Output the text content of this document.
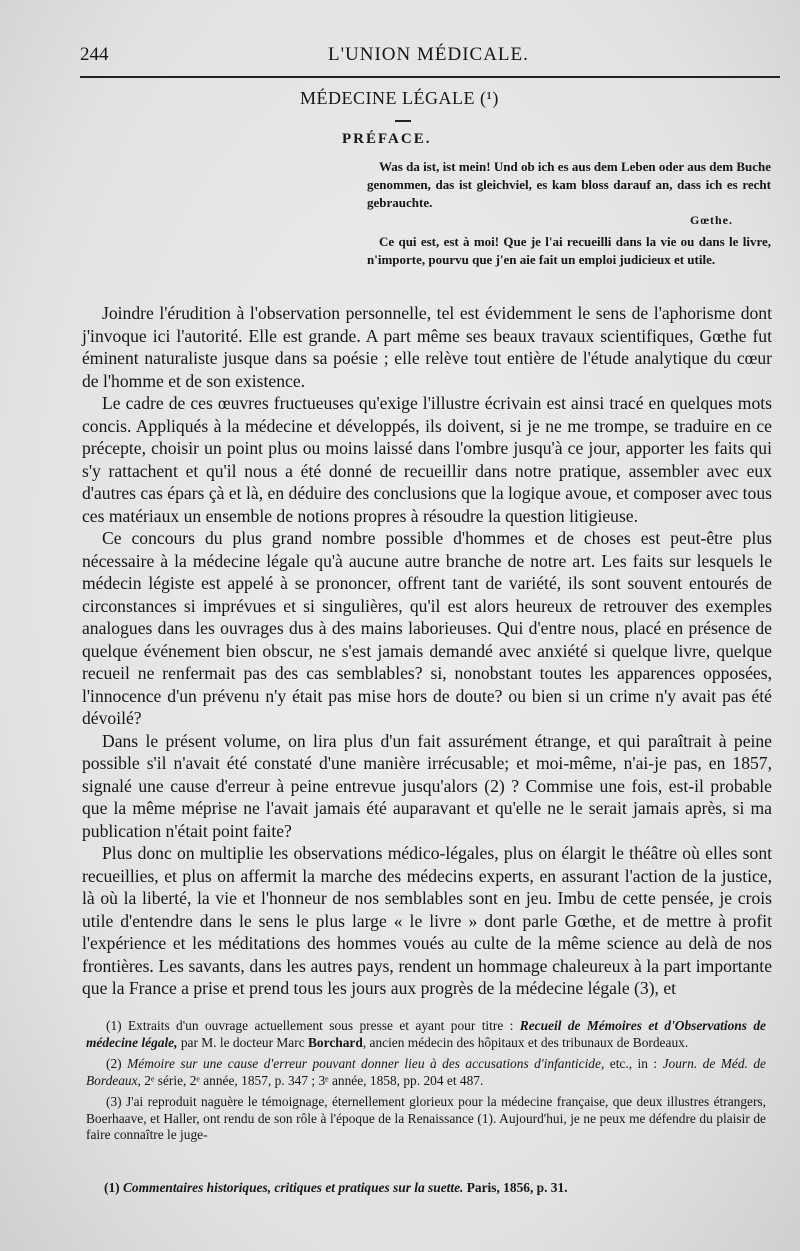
244	L'UNION MÉDICALE.
MÉDECINE LÉGALE (¹)
PRÉFACE.
Was da ist, ist mein! Und ob ich es aus dem Leben oder aus dem Buche genommen, das ist gleichviel, es kam bloss darauf an, dass ich es recht gebrauchte.
Gœthe.
Ce qui est, est à moi! Que je l'ai recueilli dans la vie ou dans le livre, n'importe, pourvu que j'en aie fait un emploi judicieux et utile.

Joindre l'érudition à l'observation personnelle, tel est évidemment le sens de l'aphorisme dont j'invoque ici l'autorité. Elle est grande. A part même ses beaux travaux scientifiques, Gœthe fut éminent naturaliste jusque dans sa poésie ; elle relève tout entière de l'étude analytique du cœur de l'homme et de son existence.

Le cadre de ces œuvres fructueuses qu'exige l'illustre écrivain est ainsi tracé en quelques mots concis. Appliqués à la médecine et développés, ils doivent, si je ne me trompe, se traduire en ce précepte, choisir un point plus ou moins laissé dans l'ombre jusqu'à ce jour, apporter les faits qui s'y rattachent et qu'il nous a été donné de recueillir dans notre pratique, assembler avec eux d'autres cas épars çà et là, en déduire des conclusions que la logique avoue, et composer avec tous ces matériaux un ensemble de notions propres à résoudre la question litigieuse.

Ce concours du plus grand nombre possible d'hommes et de choses est peut-être plus nécessaire à la médecine légale qu'à aucune autre branche de notre art. Les faits sur lesquels le médecin légiste est appelé à se prononcer, offrent tant de variété, ils sont souvent entourés de circonstances si imprévues et si singulières, qu'il est alors heureux de retrouver des exemples analogues dans les ouvrages dus à des mains laborieuses. Qui d'entre nous, placé en présence de quelque événement bien obscur, ne s'est jamais demandé avec anxiété si quelque livre, quelque recueil ne renfermait pas des cas semblables? si, nonobstant toutes les apparences opposées, l'innocence d'un prévenu n'y était pas mise hors de doute? ou bien si un crime n'y avait pas été dévoilé?

Dans le présent volume, on lira plus d'un fait assurément étrange, et qui paraîtrait à peine possible s'il n'avait été constaté d'une manière irrécusable; et moi-même, n'ai-je pas, en 1857, signalé une cause d'erreur à peine entrevue jusqu'alors (2) ? Commise une fois, est-il probable que la même méprise ne l'avait jamais été auparavant et qu'elle ne le serait jamais après, si ma publication n'était point faite?

Plus donc on multiplie les observations médico-légales, plus on élargit le théâtre où elles sont recueillies, et plus on affermit la marche des médecins experts, en assurant l'action de la justice, là où la liberté, la vie et l'honneur de nos semblables sont en jeu. Imbu de cette pensée, je crois utile d'entendre dans le sens le plus large « le livre » dont parle Gœthe, et de mettre à profit l'expérience et les méditations des hommes voués au culte de la même science au delà de nos frontières. Les savants, dans les autres pays, rendent un hommage chaleureux à la part importante que la France a prise et prend tous les jours aux progrès de la médecine légale (3), et

(1) Extraits d'un ouvrage actuellement sous presse et ayant pour titre : Recueil de Mémoires et d'Observations de médecine légale, par M. le docteur Marc Borchard, ancien médecin des hôpitaux et des tribunaux de Bordeaux.

(2) Mémoire sur une cause d'erreur pouvant donner lieu à des accusations d'infanticide, etc., in : Journ. de Méd. de Bordeaux, 2ᵉ série, 2ᵉ année, 1857, p. 347 ; 3ᵉ année, 1858, pp. 204 et 487.

(3) J'ai reproduit naguère le témoignage, éternellement glorieux pour la médecine française, que deux illustres étrangers, Boerhaave, et Haller, ont rendu de son rôle à l'époque de la Renaissance (1). Aujourd'hui, je ne peux me défendre du plaisir de faire connaître le juge-

(1) Commentaires historiques, critiques et pratiques sur la suette. Paris, 1856, p. 31.
